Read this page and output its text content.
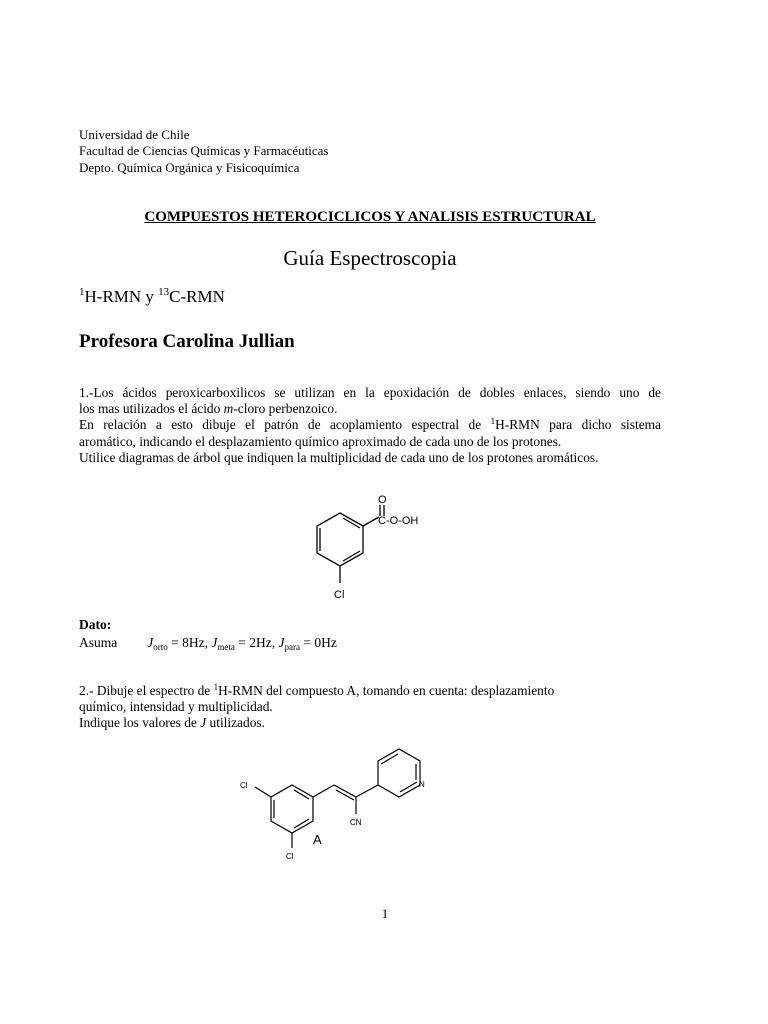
Universidad de Chile
Facultad de Ciencias Químicas y Farmacéuticas
Depto. Química Orgánica y Fisicoquímica
COMPUESTOS HETEROCICLICOS Y ANALISIS ESTRUCTURAL
Guía Espectroscopia
$^1$H-RMN y $^{13}$C-RMN
Profesora Carolina Jullian
1.-Los ácidos peroxicarboxilicos se utilizan en la epoxidación de dobles enlaces, siendo uno de
los mas utilizados el ácido m-cloro perbenzoico.
En relación a esto dibuje el patrón de acoplamiento espectral de $^1$H-RMN para dicho sistema
aromático, indicando el desplazamiento químico aproximado de cada uno de los protones.
Utilice diagramas de árbol que indiquen la multiplicidad de cada uno de los protones aromáticos.
O
C-O-OH
Cl
Dato:
Asuma $J_{orto} = 8Hz$, $J_{meta} = 2Hz$, $J_{para} = 0Hz$
2.- Dibuje el espectro de $^1$H-RMN del compuesto A, tomando en cuenta: desplazamiento
químico, intensidad y multiplicidad.
Indique los valores de J utilizados.
Cl
Cl
CN
N
A
1
